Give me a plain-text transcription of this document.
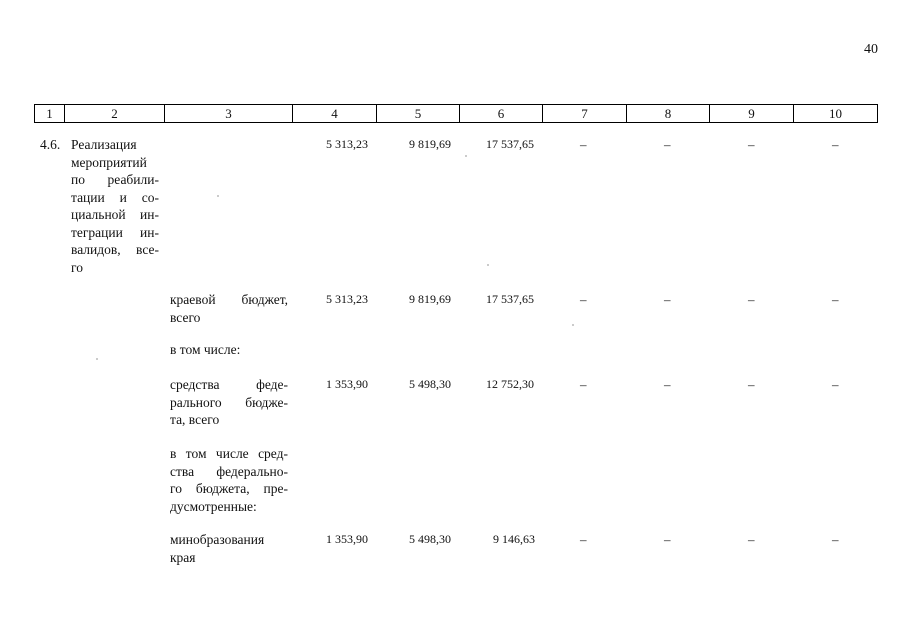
40
1	2	3	4	5	6	7	8	9	10
4.6. Реализация
мероприятий
по реабили-
тации и со-
циальной ин-
теграции ин-
валидов, все-
го
5 313,23	9 819,69	17 537,65	–	–	–	–
краевой бюджет,
всего
5 313,23	9 819,69	17 537,65	–	–	–	–
в том числе:
средства феде-
рального бюдже-
та, всего
1 353,90	5 498,30	12 752,30	–	–	–	–
в том числе сред-
ства федерально-
го бюджета, пре-
дусмотренные:
минобразования
края
1 353,90	5 498,30	9 146,63	–	–	–	–
